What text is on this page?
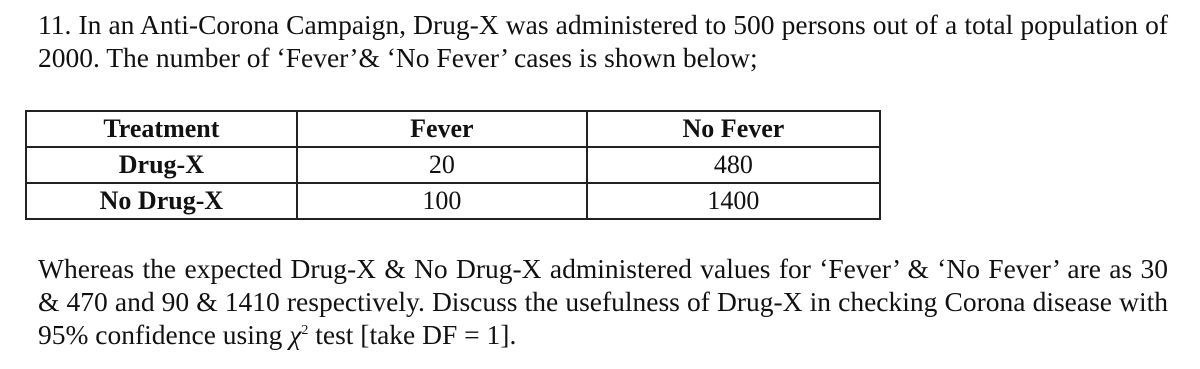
11. In an Anti-Corona Campaign, Drug-X was administered to 500 persons out of a total population of 2000. The number of ‘Fever’& ‘No Fever’ cases is shown below;

Treatment	Fever	No Fever
Drug-X	20	480
No Drug-X	100	1400

Whereas the expected Drug-X & No Drug-X administered values for ‘Fever’ & ‘No Fever’ are as 30 & 470 and 90 & 1410 respectively. Discuss the usefulness of Drug-X in checking Corona disease with 95% confidence using $\chi^2$ test [take DF = 1].
